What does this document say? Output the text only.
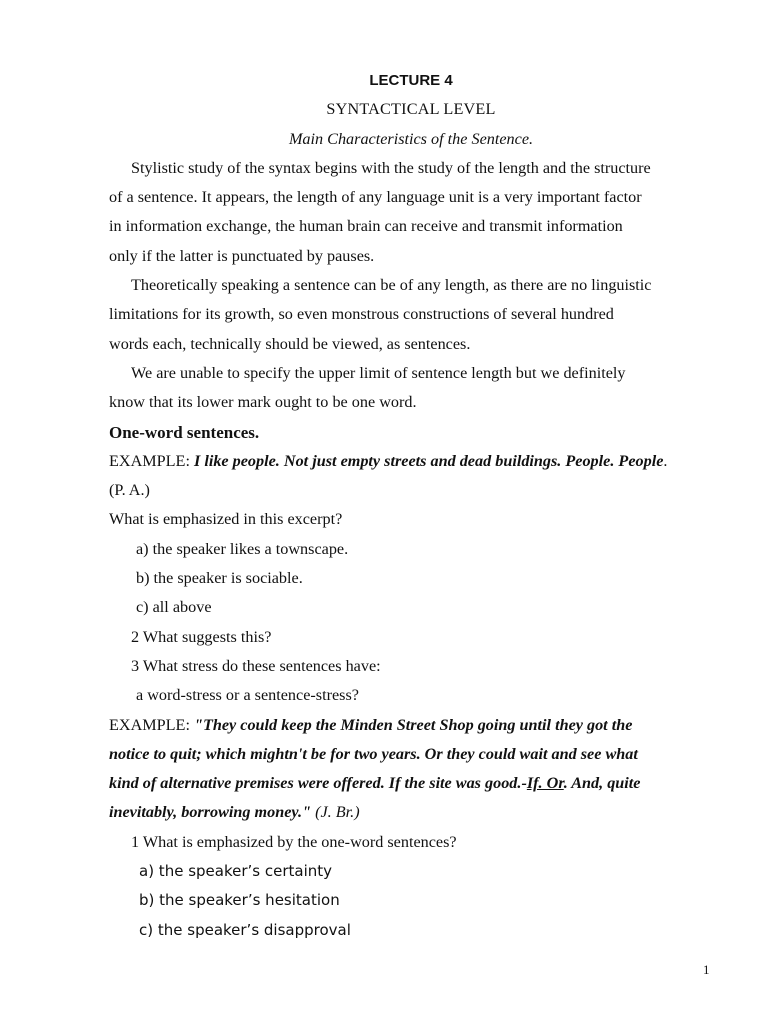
LECTURE 4
SYNTACTICAL LEVEL
Main Characteristics of the Sentence.
Stylistic study of the syntax begins with the study of the length and the structure
of a sentence. It appears, the length of any language unit is a very important factor
in information exchange, the human brain can receive and transmit information
only if the latter is punctuated by pauses.
Theoretically speaking a sentence can be of any length, as there are no linguistic
limitations for its growth, so even monstrous constructions of several hundred
words each, technically should be viewed, as sentences.
We are unable to specify the upper limit of sentence length but we definitely
know that its lower mark ought to be one word.
One-word sentences.
EXAMPLE: I like people. Not just empty streets and dead buildings. People. People.
(P. A.)
What is emphasized in this excerpt?
a) the speaker likes a townscape.
b) the speaker is sociable.
c) all above
2 What suggests this?
3 What stress do these sentences have:
a word-stress or a sentence-stress?
EXAMPLE: "They could keep the Minden Street Shop going until they got the
notice to quit; which mightn't be for two years. Or they could wait and see what
kind of alternative premises were offered. If the site was good.-If. Or. And, quite
inevitably, borrowing money." (J. Br.)
1 What is emphasized by the one-word sentences?
a) the speaker’s certainty
b) the speaker’s hesitation
c) the speaker’s disapproval
1
